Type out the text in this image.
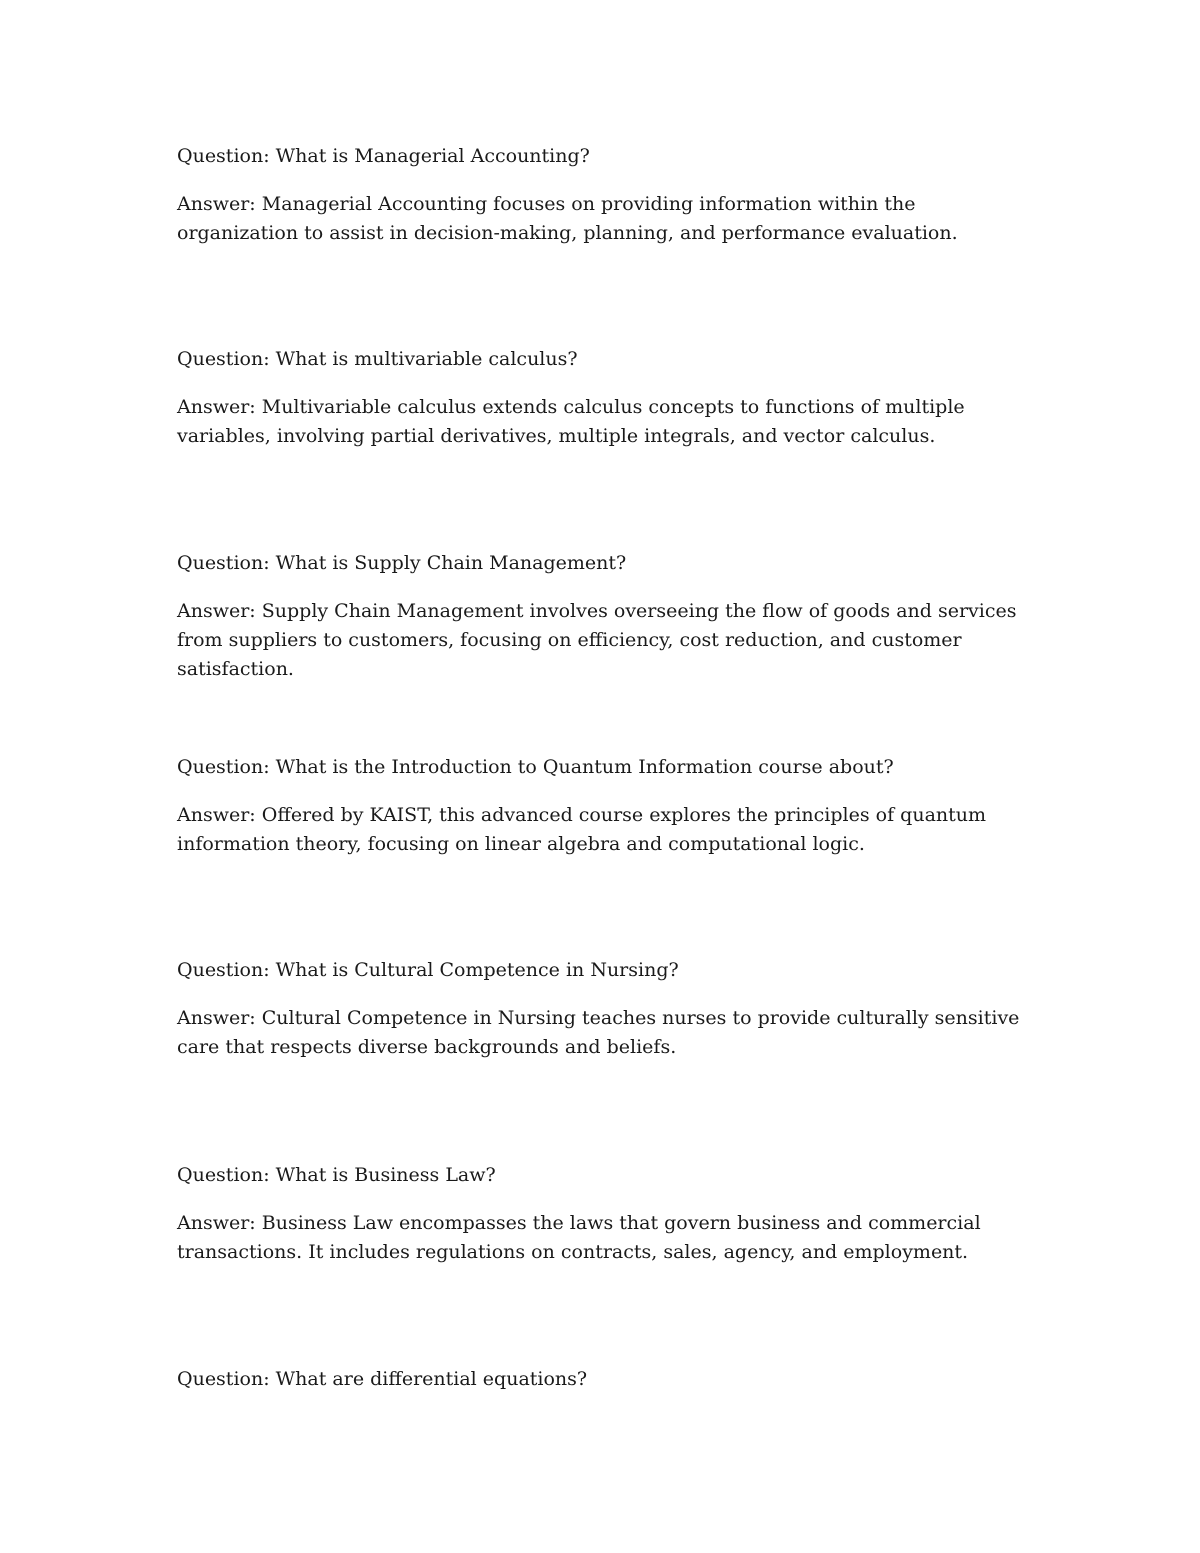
Question: What is Managerial Accounting?

Answer: Managerial Accounting focuses on providing information within the organization to assist in decision-making, planning, and performance evaluation.

Question: What is multivariable calculus?

Answer: Multivariable calculus extends calculus concepts to functions of multiple variables, involving partial derivatives, multiple integrals, and vector calculus.

Question: What is Supply Chain Management?

Answer: Supply Chain Management involves overseeing the flow of goods and services from suppliers to customers, focusing on efficiency, cost reduction, and customer satisfaction.

Question: What is the Introduction to Quantum Information course about?

Answer: Offered by KAIST, this advanced course explores the principles of quantum information theory, focusing on linear algebra and computational logic.

Question: What is Cultural Competence in Nursing?

Answer: Cultural Competence in Nursing teaches nurses to provide culturally sensitive care that respects diverse backgrounds and beliefs.

Question: What is Business Law?

Answer: Business Law encompasses the laws that govern business and commercial transactions. It includes regulations on contracts, sales, agency, and employment.

Question: What are differential equations?
